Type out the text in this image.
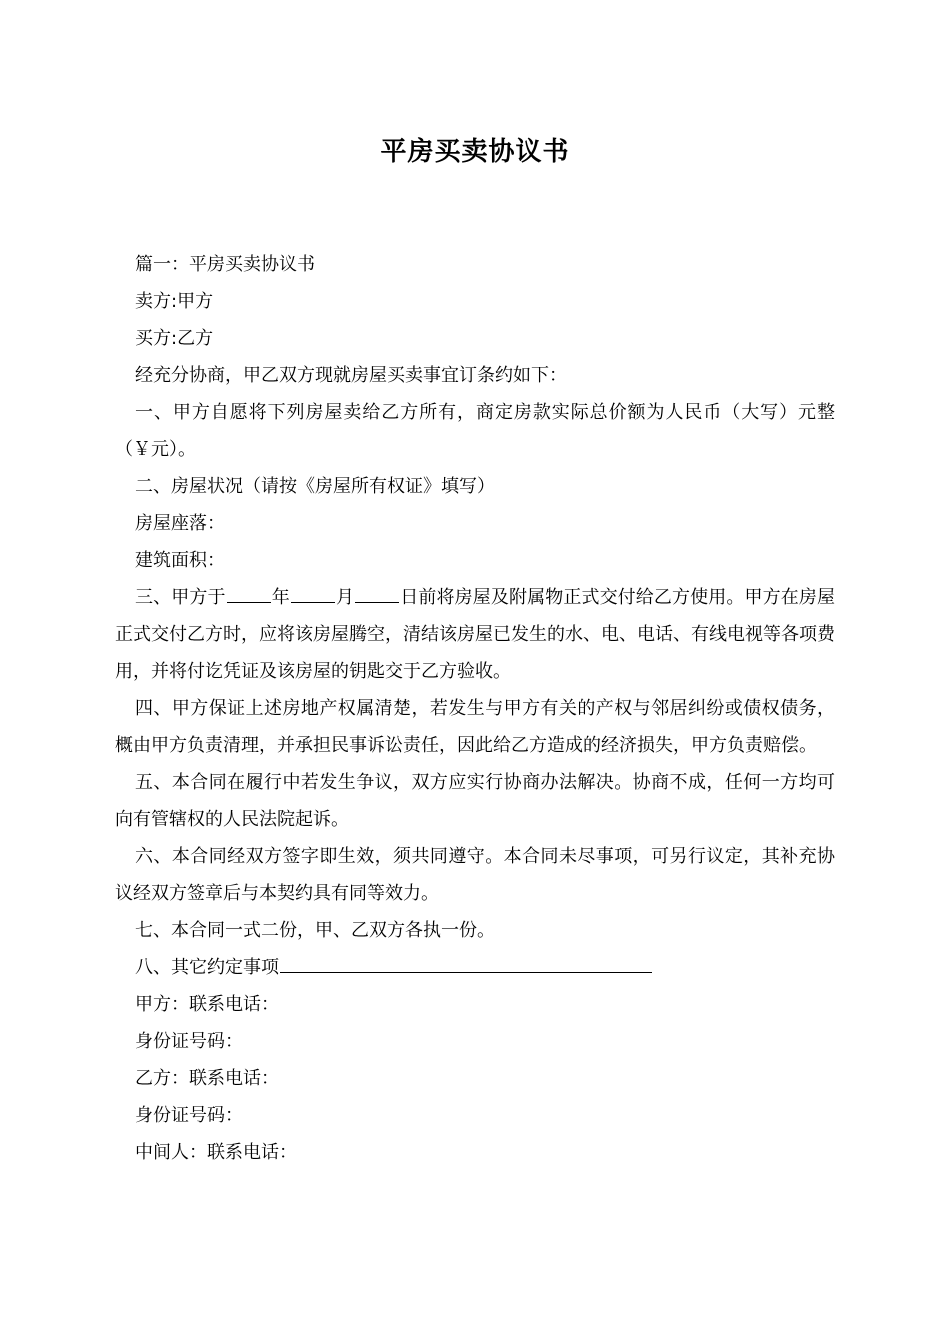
平房买卖协议书

篇一：平房买卖协议书

卖方:甲方

买方:乙方

经充分协商，甲乙双方现就房屋买卖事宜订条约如下：

一、甲方自愿将下列房屋卖给乙方所有，商定房款实际总价额为人民币（大写）元整（￥元）。

二、房屋状况（请按《房屋所有权证》填写）

房屋座落：

建筑面积：

三、甲方于	年	月	日前将房屋及附属物正式交付给乙方使用。甲方在房屋正式交付乙方时，应将该房屋腾空，清结该房屋已发生的水、电、电话、有线电视等各项费用，并将付讫凭证及该房屋的钥匙交于乙方验收。

四、甲方保证上述房地产权属清楚，若发生与甲方有关的产权与邻居纠纷或债权债务，概由甲方负责清理，并承担民事诉讼责任，因此给乙方造成的经济损失，甲方负责赔偿。

五、本合同在履行中若发生争议，双方应实行协商办法解决。协商不成，任何一方均可向有管辖权的人民法院起诉。

六、本合同经双方签字即生效，须共同遵守。本合同未尽事项，可另行议定，其补充协议经双方签章后与本契约具有同等效力。

七、本合同一式二份，甲、乙双方各执一份。

八、其它约定事项

甲方：联系电话：

身份证号码：

乙方：联系电话：

身份证号码：

中间人：联系电话：
